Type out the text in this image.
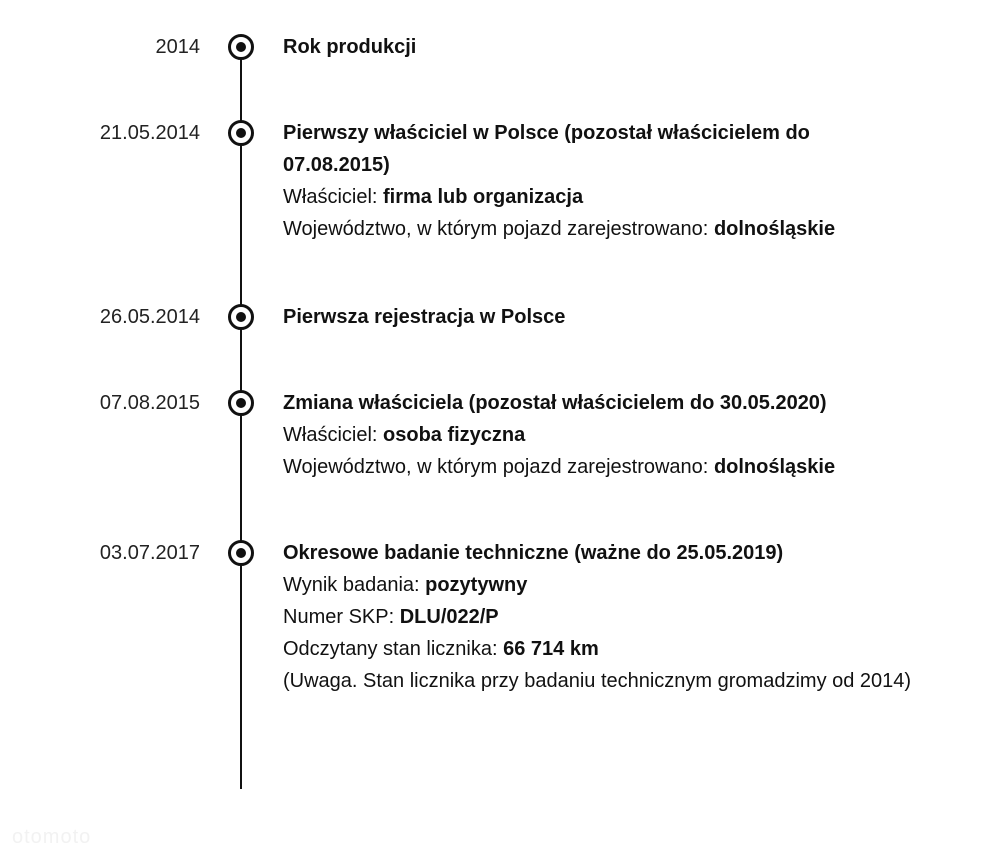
2014	Rok produkcji
21.05.2014	Pierwszy właściciel w Polsce (pozostał właścicielem do 07.08.2015)
Właściciel: firma lub organizacja
Województwo, w którym pojazd zarejestrowano: dolnośląskie
26.05.2014	Pierwsza rejestracja w Polsce
07.08.2015	Zmiana właściciela (pozostał właścicielem do 30.05.2020)
Właściciel: osoba fizyczna
Województwo, w którym pojazd zarejestrowano: dolnośląskie
03.07.2017	Okresowe badanie techniczne (ważne do 25.05.2019)
Wynik badania: pozytywny
Numer SKP: DLU/022/P
Odczytany stan licznika: 66 714 km
(Uwaga. Stan licznika przy badaniu technicznym gromadzimy od 2014)
otomoto
